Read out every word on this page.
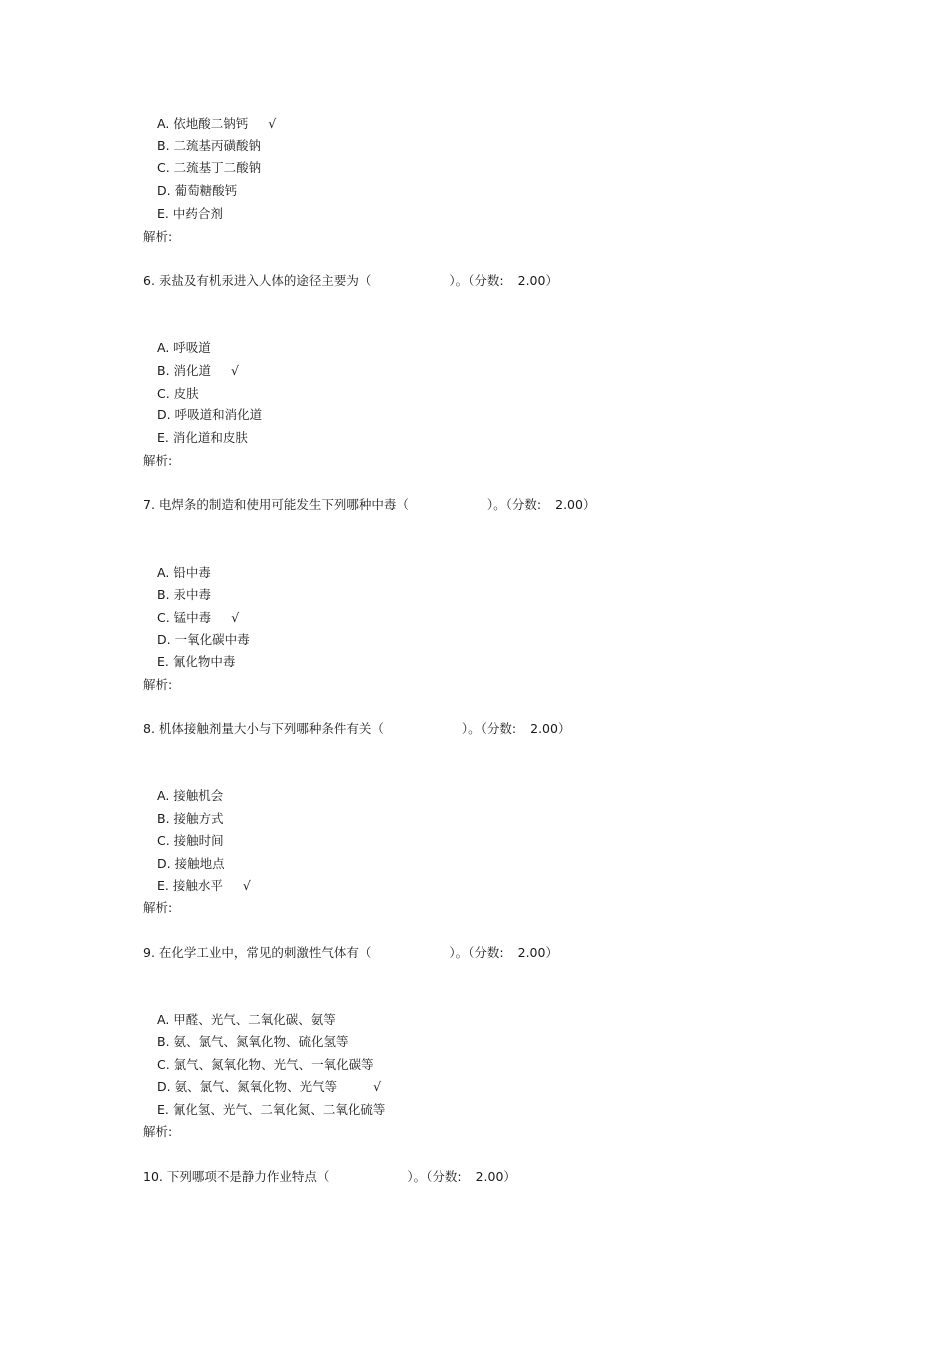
A. 依地酸二钠钙 √
B. 二巯基丙磺酸钠
C. 二巯基丁二酸钠
D. 葡萄糖酸钙
E. 中药合剂
解析:
6. 汞盐及有机汞进入人体的途径主要为（	）。（分数: 2.00）
A. 呼吸道
B. 消化道 √
C. 皮肤
D. 呼吸道和消化道
E. 消化道和皮肤
解析:
7. 电焊条的制造和使用可能发生下列哪种中毒（	）。（分数: 2.00）
A. 铅中毒
B. 汞中毒
C. 锰中毒 √
D. 一氧化碳中毒
E. 氰化物中毒
解析:
8. 机体接触剂量大小与下列哪种条件有关（	）。（分数: 2.00）
A. 接触机会
B. 接触方式
C. 接触时间
D. 接触地点
E. 接触水平 √
解析:
9. 在化学工业中，常见的刺激性气体有（	）。（分数: 2.00）
A. 甲醛、光气、二氧化碳、氨等
B. 氨、氯气、氮氧化物、硫化氢等
C. 氯气、氮氧化物、光气、一氧化碳等
D. 氨、氯气、氮氧化物、光气等	√
E. 氰化氢、光气、二氧化氮、二氧化硫等
解析:
10. 下列哪项不是静力作业特点（	）。（分数: 2.00）
